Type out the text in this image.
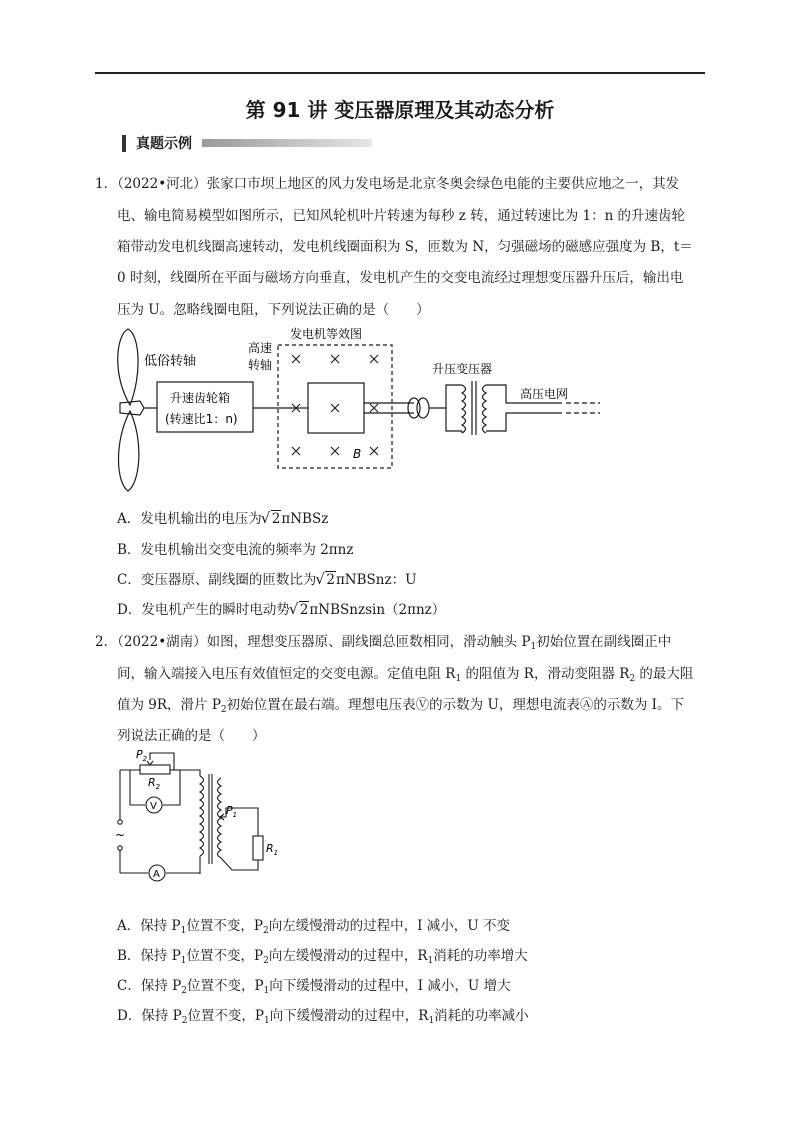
第 91 讲 变压器原理及其动态分析
真题示例
1．（2022•河北）张家口市坝上地区的风力发电场是北京冬奥会绿色电能的主要供应地之一，其发
电、输电简易模型如图所示，已知风轮机叶片转速为每秒 z 转，通过转速比为 1：n 的升速齿轮
箱带动发电机线圈高速转动，发电机线圈面积为 S，匝数为 N，匀强磁场的磁感应强度为 B，t＝
0 时刻，线圈所在平面与磁场方向垂直，发电机产生的交变电流经过理想变压器升压后，输出电
压为 U。忽略线圈电阻，下列说法正确的是（　　）
低俗转轴
升速齿轮箱
(转速比1：n)
高速
转轴
发电机等效图
B
升压变压器
高压电网
A．发电机输出的电压为 √ 2πNBSz
B．发电机输出交变电流的频率为 2πnz
C．变压器原、副线圈的匝数比为 √ 2πNBSnz：U
D．发电机产生的瞬时电动势 √ 2πNBSnzsin（2πnz）
2．（2022•湖南）如图，理想变压器原、副线圈总匝数相同，滑动触头 $P_1$初始位置在副线圈正中
间，输入端接入电压有效值恒定的交变电源。定值电阻 $R_1$ 的阻值为 R，滑动变阻器 $R_2$ 的最大阻
值为 9R，滑片 $P_2$初始位置在最右端。理想电压表Ⓥ的示数为 U，理想电流表Ⓐ的示数为 I。下
列说法正确的是（　　）
$P_2$
$R_2$
V
A
$P_1$
$R_1$
~
A．保持 $P_1$位置不变，$P_2$向左缓慢滑动的过程中，I 减小，U 不变
B．保持 $P_1$位置不变，$P_2$向左缓慢滑动的过程中，$R_1$消耗的功率增大
C．保持 $P_2$位置不变，$P_1$向下缓慢滑动的过程中，I 减小，U 增大
D．保持 $P_2$位置不变，$P_1$向下缓慢滑动的过程中，$R_1$消耗的功率减小
